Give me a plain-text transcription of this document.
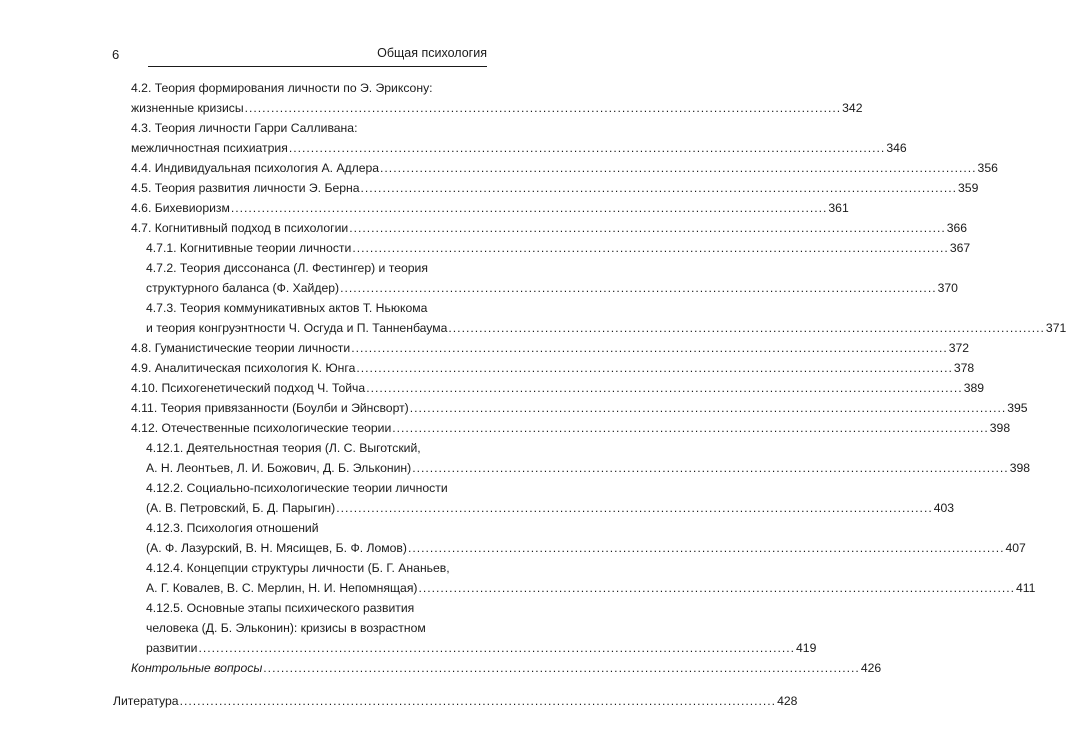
6	Общая психология
4.2. Теория формирования личности по Э. Эриксону:
жизненные кризисы ........................................................................................................................................ 342
4.3. Теория личности Гарри Салливана:
межличностная психиатрия ........................................................................................................................................ 346
4.4. Индивидуальная психология А. Адлера ........................................................................................................................................ 356
4.5. Теория развития личности Э. Берна ........................................................................................................................................ 359
4.6. Бихевиоризм ........................................................................................................................................ 361
4.7. Когнитивный подход в психологии ........................................................................................................................................ 366
4.7.1. Когнитивные теории личности ........................................................................................................................................ 367
4.7.2. Теория диссонанса (Л. Фестингер) и теория
структурного баланса (Ф. Хайдер) ........................................................................................................................................ 370
4.7.3. Теория коммуникативных актов Т. Ньюкома
и теория конгруэнтности Ч. Осгуда и П. Танненбаума ........................................................................................................................................ 371
4.8. Гуманистические теории личности ........................................................................................................................................ 372
4.9. Аналитическая психология К. Юнга ........................................................................................................................................ 378
4.10. Психогенетический подход Ч. Тойча ........................................................................................................................................ 389
4.11. Теория привязанности (Боулби и Эйнсворт) ........................................................................................................................................ 395
4.12. Отечественные психологические теории ........................................................................................................................................ 398
4.12.1. Деятельностная теория (Л. С. Выготский,
А. Н. Леонтьев, Л. И. Божович, Д. Б. Эльконин) ........................................................................................................................................ 398
4.12.2. Социально-психологические теории личности
(А. В. Петровский, Б. Д. Парыгин) ........................................................................................................................................ 403
4.12.3. Психология отношений
(А. Ф. Лазурский, В. Н. Мясищев, Б. Ф. Ломов) ........................................................................................................................................ 407
4.12.4. Концепции структуры личности (Б. Г. Ананьев,
А. Г. Ковалев, В. С. Мерлин, Н. И. Непомнящая) ........................................................................................................................................ 411
4.12.5. Основные этапы психического развития
человека (Д. Б. Эльконин): кризисы в возрастном
развитии ........................................................................................................................................ 419
Контрольные вопросы ........................................................................................................................................ 426
Литература ........................................................................................................................................ 428
